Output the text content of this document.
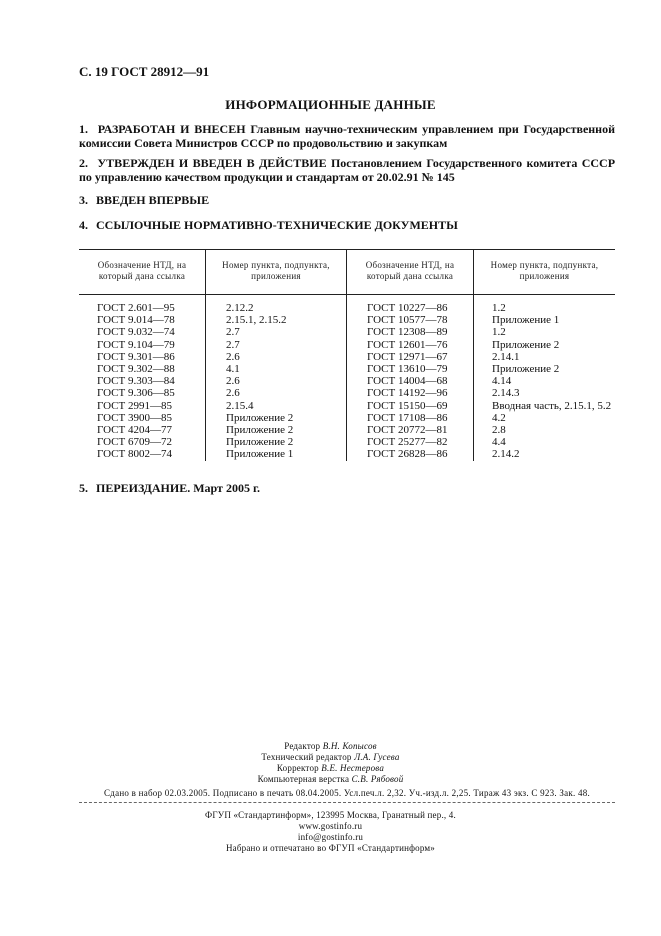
С. 19 ГОСТ 28912—91
ИНФОРМАЦИОННЫЕ ДАННЫЕ
1. РАЗРАБОТАН И ВНЕСЕН Главным научно-техническим управлением при Государственной комиссии Совета Министров СССР по продовольствию и закупкам
2. УТВЕРЖДЕН И ВВЕДЕН В ДЕЙСТВИЕ Постановлением Государственного комитета СССР по управлению качеством продукции и стандартам от 20.02.91 № 145
3. ВВЕДЕН ВПЕРВЫЕ
4. ССЫЛОЧНЫЕ НОРМАТИВНО-ТЕХНИЧЕСКИЕ ДОКУМЕНТЫ
Обозначение НТД, на который дана ссылка	Номер пункта, подпункта, приложения	Обозначение НТД, на который дана ссылка	Номер пункта, подпункта, приложения
ГОСТ 2.601—95	2.12.2	ГОСТ 10227—86	1.2
ГОСТ 9.014—78	2.15.1, 2.15.2	ГОСТ 10577—78	Приложение 1
ГОСТ 9.032—74	2.7	ГОСТ 12308—89	1.2
ГОСТ 9.104—79	2.7	ГОСТ 12601—76	Приложение 2
ГОСТ 9.301—86	2.6	ГОСТ 12971—67	2.14.1
ГОСТ 9.302—88	4.1	ГОСТ 13610—79	Приложение 2
ГОСТ 9.303—84	2.6	ГОСТ 14004—68	4.14
ГОСТ 9.306—85	2.6	ГОСТ 14192—96	2.14.3
ГОСТ 2991—85	2.15.4	ГОСТ 15150—69	Вводная часть, 2.15.1, 5.2
ГОСТ 3900—85	Приложение 2	ГОСТ 17108—86	4.2
ГОСТ 4204—77	Приложение 2	ГОСТ 20772—81	2.8
ГОСТ 6709—72	Приложение 2	ГОСТ 25277—82	4.4
ГОСТ 8002—74	Приложение 1	ГОСТ 26828—86	2.14.2
5. ПЕРЕИЗДАНИЕ. Март 2005 г.
Редактор В.Н. Копысов
Технический редактор Л.А. Гусева
Корректор В.Е. Нестерова
Компьютерная верстка С.В. Рябовой
Сдано в набор 02.03.2005. Подписано в печать 08.04.2005. Усл.печ.л. 2,32. Уч.-изд.л. 2,25. Тираж 43 экз. С 923. Зак. 48.
ФГУП «Стандартинформ», 123995 Москва, Гранатный пер., 4.
www.gostinfo.ru
info@gostinfo.ru
Набрано и отпечатано во ФГУП «Стандартинформ»
